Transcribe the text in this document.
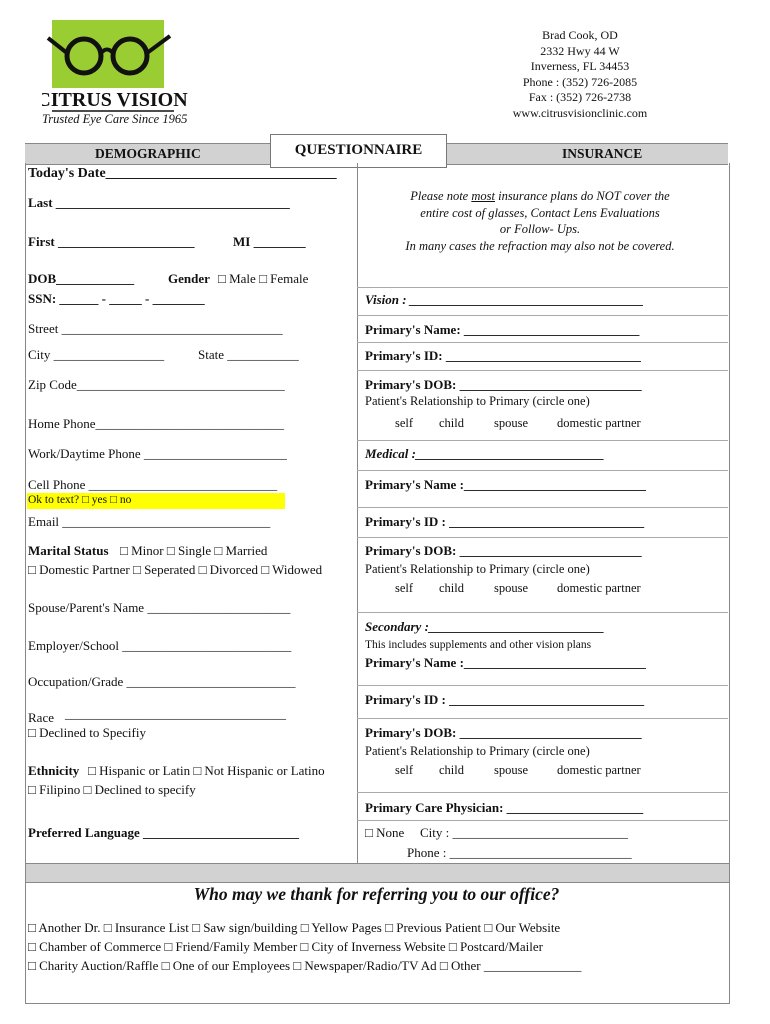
CITRUS VISION
Trusted Eye Care Since 1965
Brad Cook, OD
2332 Hwy 44 W
Inverness, FL 34453
Phone : (352) 726-2085
Fax : (352) 726-2738
www.citrusvisionclinic.com
DEMOGRAPHIC	INSURANCE
QUESTIONNAIRE
Today's Date_________________________________
Last ____________________________________
First _____________________	MI ________
DOB____________	Gender □ Male □ Female
SSN: ______ - _____ - ________
Street __________________________________
City _________________	State ___________
Zip Code________________________________
Home Phone_____________________________
Work/Daytime Phone ______________________
Cell Phone _____________________________
Ok to text? □ yes □ no
Email ________________________________
Marital Status □ Minor □ Single □ Married
□ Domestic Partner □ Seperated □ Divorced □ Widowed
Spouse/Parent's Name ______________________
Employer/School __________________________
Occupation/Grade __________________________
Race __________________________________
□ Declined to Specifiy
Ethnicity □ Hispanic or Latin □ Not Hispanic or Latino
□ Filipino □ Declined to specify
Preferred Language ________________________
Please note most insurance plans do NOT cover the
entire cost of glasses, Contact Lens Evaluations
or Follow- Ups.
In many cases the refraction may also not be covered.
Vision : ____________________________________
Primary's Name: ___________________________
Primary's ID: ______________________________
Primary's DOB: ____________________________
Patient's Relationship to Primary (circle one)
self child spouse domestic partner
Medical :_____________________________
Primary's Name :____________________________
Primary's ID : ______________________________
Primary's DOB: ____________________________
Patient's Relationship to Primary (circle one)
self child spouse domestic partner
Secondary :___________________________
This includes supplements and other vision plans
Primary's Name :____________________________
Primary's ID : ______________________________
Primary's DOB: ____________________________
Patient's Relationship to Primary (circle one)
self child spouse domestic partner
Primary Care Physician: _____________________
□ None City : ___________________________
Phone : ____________________________
Who may we thank for referring you to our office?
□ Another Dr. □ Insurance List □ Saw sign/building □ Yellow Pages □ Previous Patient □ Our Website
□ Chamber of Commerce □ Friend/Family Member □ City of Inverness Website □ Postcard/Mailer
□ Charity Auction/Raffle □ One of our Employees □ Newspaper/Radio/TV Ad □ Other _______________
